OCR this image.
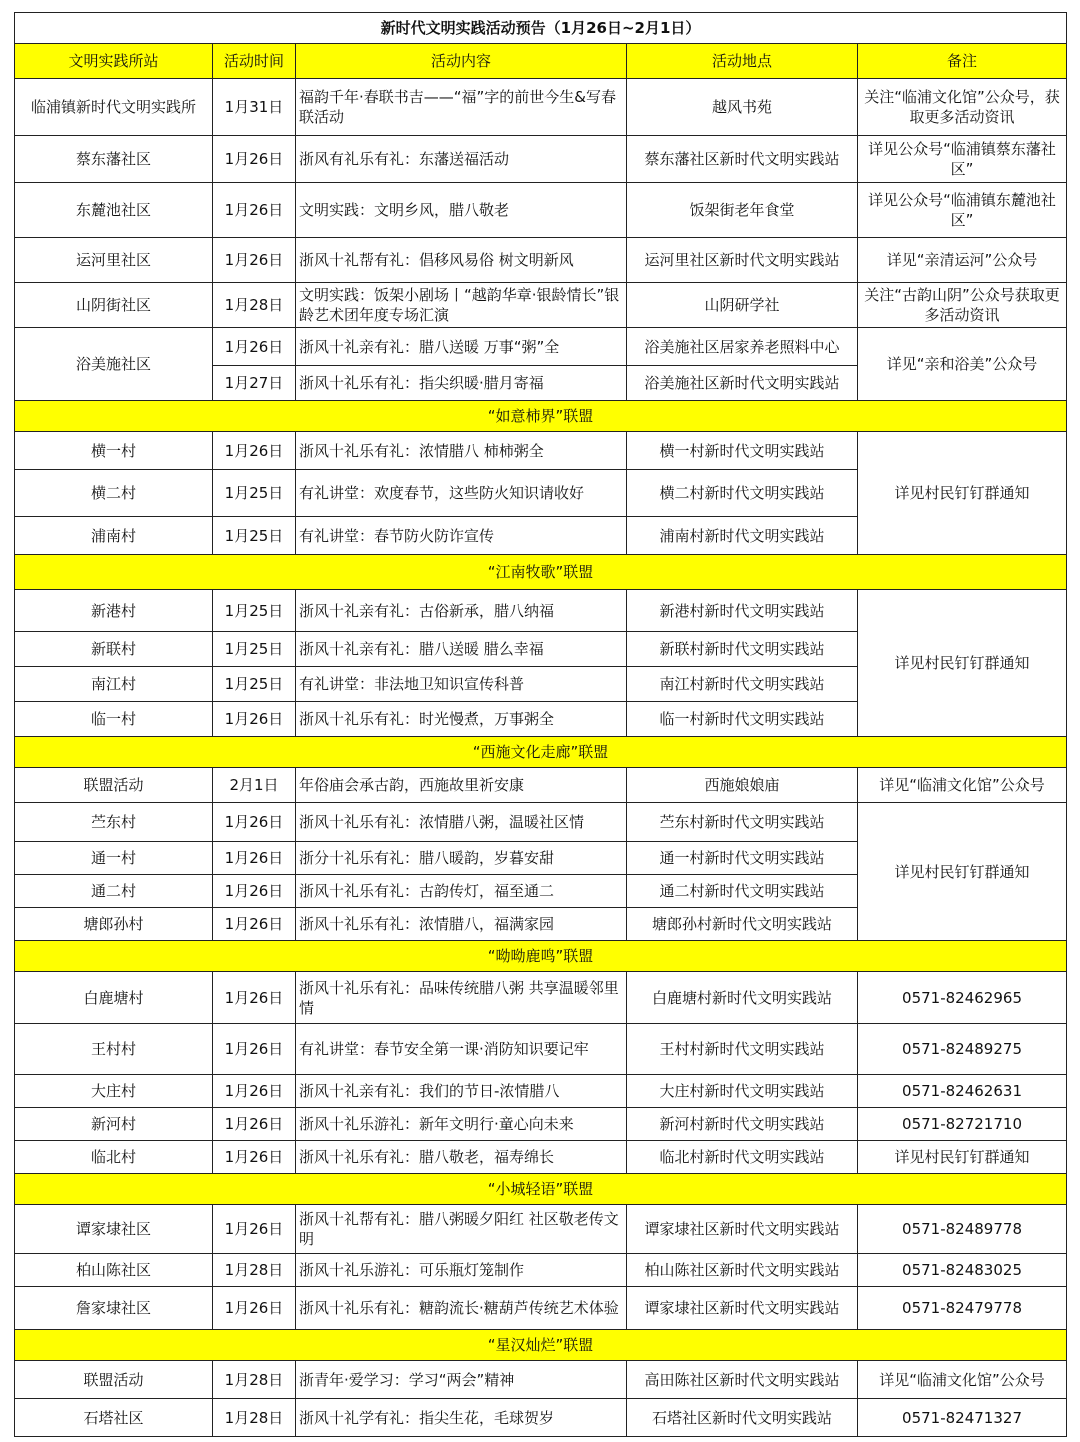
新时代文明实践活动预告（1月26日~2月1日）				
文明实践所站	活动时间	活动内容	活动地点	备注
临浦镇新时代文明实践所	1月31日	福韵千年·春联书吉——“福”字的前世今生&写春联活动	越风书苑	关注“临浦文化馆”公众号，获取更多活动资讯
蔡东藩社区	1月26日	浙风有礼乐有礼：东藩送福活动	蔡东藩社区新时代文明实践站	详见公众号“临浦镇蔡东藩社区”
东麓池社区	1月26日	文明实践：文明乡风，腊八敬老	饭架街老年食堂	详见公众号“临浦镇东麓池社区”
运河里社区	1月26日	浙风十礼帮有礼：倡移风易俗 树文明新风	运河里社区新时代文明实践站	详见“亲清运河”公众号
山阴街社区	1月28日	文明实践：饭架小剧场丨“越韵华章·银龄情长”银龄艺术团年度专场汇演	山阴研学社	关注“古韵山阴”公众号获取更多活动资讯
浴美施社区	1月26日	浙风十礼亲有礼：腊八送暖 万事“粥”全	浴美施社区居家养老照料中心	详见“亲和浴美”公众号
	1月27日	浙风十礼乐有礼：指尖织暖·腊月寄福	浴美施社区新时代文明实践站	
“如意柿界”联盟				
横一村	1月26日	浙风十礼乐有礼：浓情腊八 柿柿粥全	横一村新时代文明实践站	详见村民钉钉群通知
横二村	1月25日	有礼讲堂：欢度春节，这些防火知识请收好	横二村新时代文明实践站	
浦南村	1月25日	有礼讲堂：春节防火防诈宣传	浦南村新时代文明实践站	
“江南牧歌”联盟				
新港村	1月25日	浙风十礼亲有礼：古俗新承，腊八纳福	新港村新时代文明实践站	详见村民钉钉群通知
新联村	1月25日	浙风十礼亲有礼：腊八送暖 腊么幸福	新联村新时代文明实践站	
南江村	1月25日	有礼讲堂：非法地卫知识宣传科普	南江村新时代文明实践站	
临一村	1月26日	浙风十礼乐有礼：时光慢煮，万事粥全	临一村新时代文明实践站	
“西施文化走廊”联盟				
联盟活动	2月1日	年俗庙会承古韵，西施故里祈安康	西施娘娘庙	详见“临浦文化馆”公众号
苎东村	1月26日	浙风十礼乐有礼：浓情腊八粥，温暖社区情	苎东村新时代文明实践站	详见村民钉钉群通知
通一村	1月26日	浙分十礼乐有礼：腊八暖韵，岁暮安甜	通一村新时代文明实践站	
通二村	1月26日	浙风十礼乐有礼：古韵传灯，福至通二	通二村新时代文明实践站	
塘郎孙村	1月26日	浙风十礼乐有礼：浓情腊八，福满家园	塘郎孙村新时代文明实践站	
“呦呦鹿鸣”联盟				
白鹿塘村	1月26日	浙风十礼乐有礼：品味传统腊八粥 共享温暖邻里情	白鹿塘村新时代文明实践站	0571-82462965
王村村	1月26日	有礼讲堂：春节安全第一课·消防知识要记牢	王村村新时代文明实践站	0571-82489275
大庄村	1月26日	浙风十礼亲有礼：我们的节日-浓情腊八	大庄村新时代文明实践站	0571-82462631
新河村	1月26日	浙风十礼乐游礼：新年文明行·童心向未来	新河村新时代文明实践站	0571-82721710
临北村	1月26日	浙风十礼乐有礼：腊八敬老，福寿绵长	临北村新时代文明实践站	详见村民钉钉群通知
“小城轻语”联盟				
谭家埭社区	1月26日	浙风十礼帮有礼：腊八粥暖夕阳红 社区敬老传文明	谭家埭社区新时代文明实践站	0571-82489778
柏山陈社区	1月28日	浙风十礼乐游礼：可乐瓶灯笼制作	柏山陈社区新时代文明实践站	0571-82483025
詹家埭社区	1月26日	浙风十礼乐有礼：糖韵流长·糖葫芦传统艺术体验	谭家埭社区新时代文明实践站	0571-82479778
“星汉灿烂”联盟				
联盟活动	1月28日	浙青年·爱学习：学习“两会”精神	高田陈社区新时代文明实践站	详见“临浦文化馆”公众号
石塔社区	1月28日	浙风十礼学有礼：指尖生花，毛球贺岁	石塔社区新时代文明实践站	0571-82471327
